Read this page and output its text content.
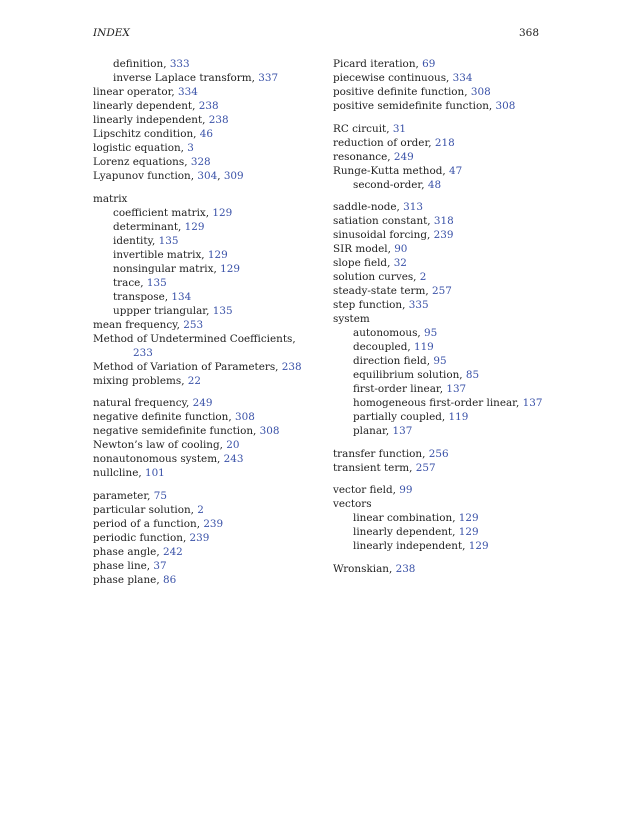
INDEX	368
definition, 333
inverse Laplace transform, 337
linear operator, 334
linearly dependent, 238
linearly independent, 238
Lipschitz condition, 46
logistic equation, 3
Lorenz equations, 328
Lyapunov function, 304, 309
matrix
coefficient matrix, 129
determinant, 129
identity, 135
invertible matrix, 129
nonsingular matrix, 129
trace, 135
transpose, 134
uppper triangular, 135
mean frequency, 253
Method of Undetermined Coefficients,
233
Method of Variation of Parameters, 238
mixing problems, 22
natural frequency, 249
negative definite function, 308
negative semidefinite function, 308
Newton’s law of cooling, 20
nonautonomous system, 243
nullcline, 101
parameter, 75
particular solution, 2
period of a function, 239
periodic function, 239
phase angle, 242
phase line, 37
phase plane, 86
Picard iteration, 69
piecewise continuous, 334
positive definite function, 308
positive semidefinite function, 308
RC circuit, 31
reduction of order, 218
resonance, 249
Runge-Kutta method, 47
second-order, 48
saddle-node, 313
satiation constant, 318
sinusoidal forcing, 239
SIR model, 90
slope field, 32
solution curves, 2
steady-state term, 257
step function, 335
system
autonomous, 95
decoupled, 119
direction field, 95
equilibrium solution, 85
first-order linear, 137
homogeneous first-order linear, 137
partially coupled, 119
planar, 137
transfer function, 256
transient term, 257
vector field, 99
vectors
linear combination, 129
linearly dependent, 129
linearly independent, 129
Wronskian, 238
